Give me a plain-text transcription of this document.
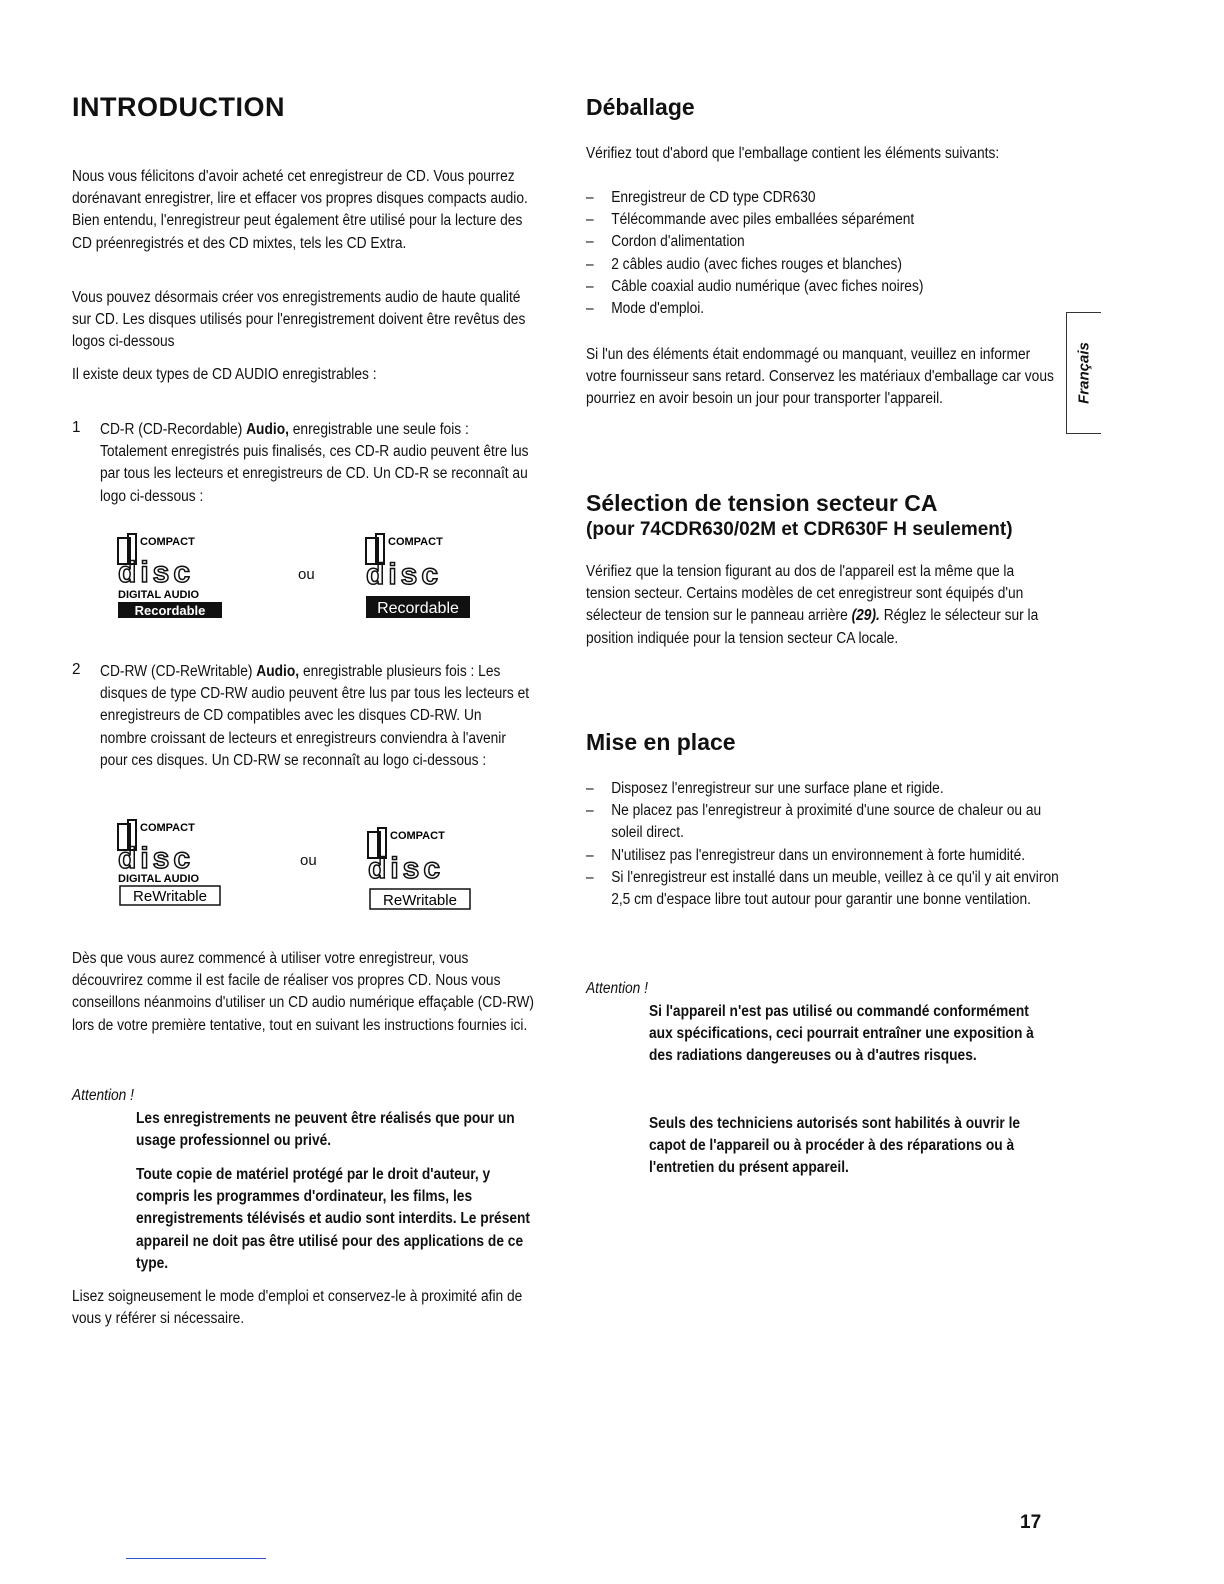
INTRODUCTION

Nous vous félicitons d'avoir acheté cet enregistreur de CD. Vous pourrez dorénavant enregistrer, lire et effacer vos propres disques compacts audio. Bien entendu, l'enregistreur peut également être utilisé pour la lecture des CD préenregistrés et des CD mixtes, tels les CD Extra.

Vous pouvez désormais créer vos enregistrements audio de haute qualité sur CD. Les disques utilisés pour l'enregistrement doivent être revêtus des logos ci-dessous

Il existe deux types de CD AUDIO enregistrables :

1 CD-R (CD-Recordable) Audio, enregistrable une seule fois : Totalement enregistrés puis finalisés, ces CD-R audio peuvent être lus par tous les lecteurs et enregistreurs de CD. Un CD-R se reconnaît au logo ci-dessous :

COMPACT
disc
DIGITAL AUDIO
Recordable
ou
COMPACT
disc
Recordable
2 CD-RW (CD-ReWritable) Audio, enregistrable plusieurs fois : Les disques de type CD-RW audio peuvent être lus par tous les lecteurs et enregistreurs de CD compatibles avec les disques CD-RW. Un nombre croissant de lecteurs et enregistreurs conviendra à l'avenir pour ces disques. Un CD-RW se reconnaît au logo ci-dessous :

COMPACT
disc
DIGITAL AUDIO
ReWritable
ou
COMPACT
disc
ReWritable

Dès que vous aurez commencé à utiliser votre enregistreur, vous découvrirez comme il est facile de réaliser vos propres CD. Nous vous conseillons néanmoins d'utiliser un CD audio numérique effaçable (CD-RW) lors de votre première tentative, tout en suivant les instructions fournies ici.

Attention !

Les enregistrements ne peuvent être réalisés que pour un usage professionnel ou privé.

Toute copie de matériel protégé par le droit d'auteur, y compris les programmes d'ordinateur, les films, les enregistrements télévisés et audio sont interdits. Le présent appareil ne doit pas être utilisé pour des applications de ce type.

Lisez soigneusement le mode d'emploi et conservez-le à proximité afin de vous y référer si nécessaire.

Déballage

Vérifiez tout d'abord que l'emballage contient les éléments suivants:

– Enregistreur de CD type CDR630
– Télécommande avec piles emballées séparément
– Cordon d'alimentation
– 2 câbles audio (avec fiches rouges et blanches)
– Câble coaxial audio numérique (avec fiches noires)
– Mode d'emploi.

Si l'un des éléments était endommagé ou manquant, veuillez en informer votre fournisseur sans retard. Conservez les matériaux d'emballage car vous pourriez en avoir besoin un jour pour transporter l'appareil.

Sélection de tension secteur CA
(pour 74CDR630/02M et CDR630F H seulement)

Vérifiez que la tension figurant au dos de l'appareil est la même que la tension secteur. Certains modèles de cet enregistreur sont équipés d'un sélecteur de tension sur le panneau arrière (29). Réglez le sélecteur sur la position indiquée pour la tension secteur CA locale.

Mise en place
– Disposez l'enregistreur sur une surface plane et rigide.
– Ne placez pas l'enregistreur à proximité d'une source de chaleur ou au soleil direct.
– N'utilisez pas l'enregistreur dans un environnement à forte humidité.
– Si l'enregistreur est installé dans un meuble, veillez à ce qu'il y ait environ 2,5 cm d'espace libre tout autour pour garantir une bonne ventilation.

Attention !

Si l'appareil n'est pas utilisé ou commandé conformément aux spécifications, ceci pourrait entraîner une exposition à des radiations dangereuses ou à d'autres risques.

Seuls des techniciens autorisés sont habilités à ouvrir le capot de l'appareil ou à procéder à des réparations ou à l'entretien du présent appareil.

Français
17
